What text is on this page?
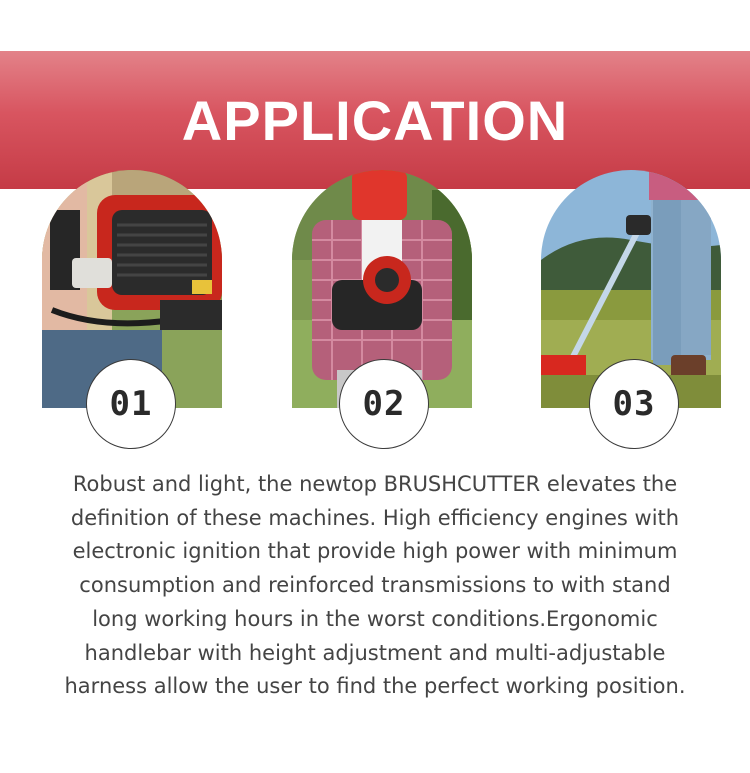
APPLICATION
01	02	03
Robust and light, the newtop BRUSHCUTTER elevates the
definition of these machines. High efficiency engines with
electronic ignition that provide high power with minimum
consumption and reinforced transmissions to with stand
long working hours in the worst conditions.Ergonomic
handlebar with height adjustment and multi-adjustable
harness allow the user to find the perfect working position.
